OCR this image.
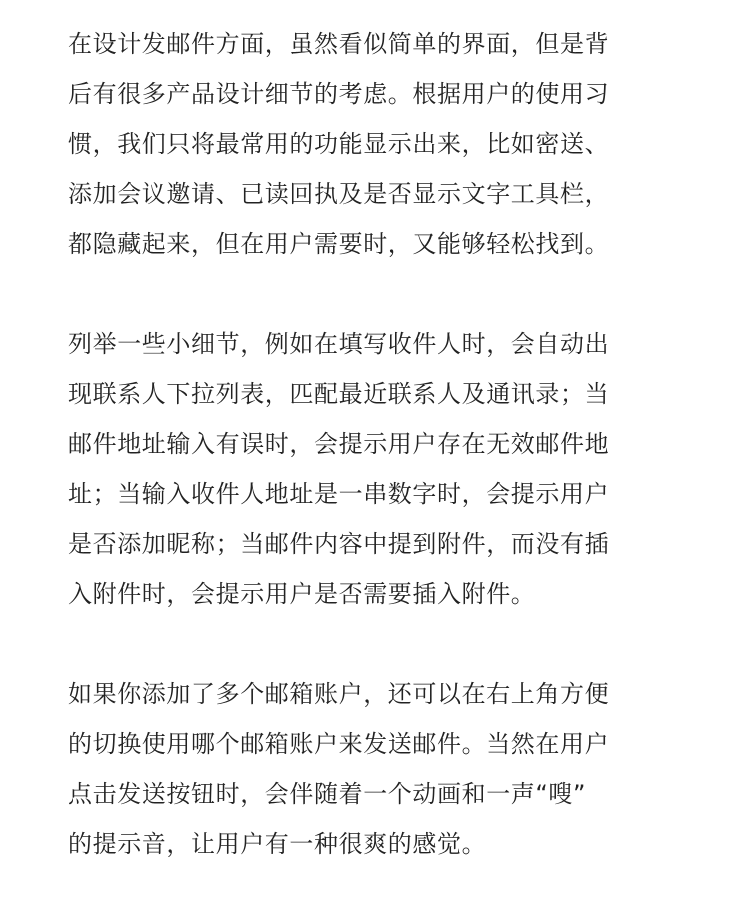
在设计发邮件方面，虽然看似简单的界面，但是背
后有很多产品设计细节的考虑。根据用户的使用习
惯，我们只将最常用的功能显示出来，比如密送、
添加会议邀请、已读回执及是否显示文字工具栏，
都隐藏起来，但在用户需要时，又能够轻松找到。
列举一些小细节，例如在填写收件人时，会自动出
现联系人下拉列表，匹配最近联系人及通讯录；当
邮件地址输入有误时，会提示用户存在无效邮件地
址；当输入收件人地址是一串数字时，会提示用户
是否添加昵称；当邮件内容中提到附件，而没有插
入附件时，会提示用户是否需要插入附件。
如果你添加了多个邮箱账户，还可以在右上角方便
的切换使用哪个邮箱账户来发送邮件。当然在用户
点击发送按钮时，会伴随着一个动画和一声“嗖”
的提示音，让用户有一种很爽的感觉。
